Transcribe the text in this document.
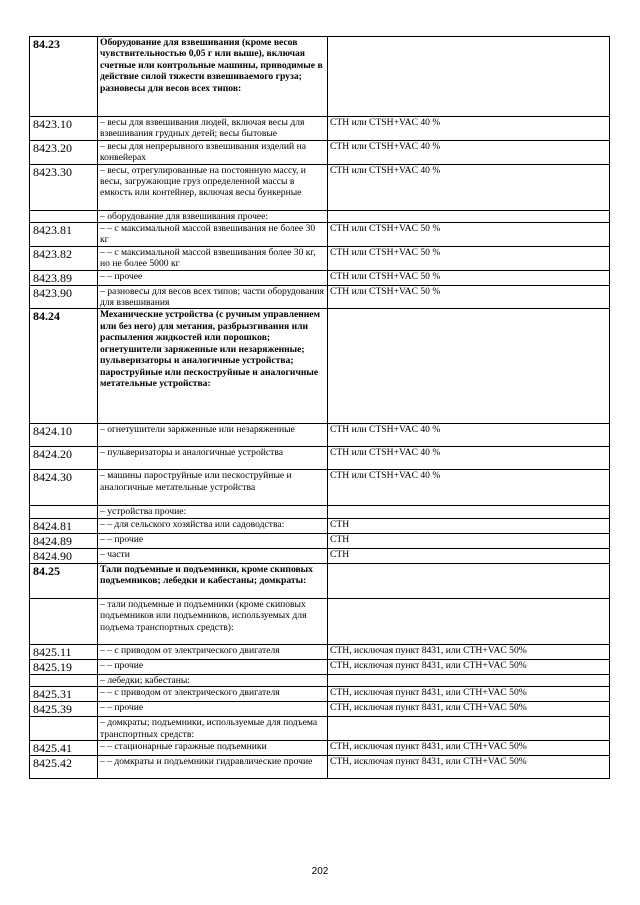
84.23	Оборудование для взвешивания (кроме весов чувствительностью 0,05 г или выше), включая счетные или контрольные машины, приводимые в действие силой тяжести взвешиваемого груза; разновесы для весов всех типов:	
8423.10	– весы для взвешивания людей, включая весы для взвешивания грудных детей; весы бытовые	СТН или CTSH+VAC 40 %
8423.20	– весы для непрерывного взвешивания изделий на конвейерах	СТН или CTSH+VAC 40 %
8423.30	– весы, отрегулированные на постоянную массу, и весы, загружающие груз определенной массы в емкость или контейнер, включая весы бункерные	СТН или CTSH+VAC 40 %
	– оборудование для взвешивания прочее:	
8423.81	– – с максимальной массой взвешивания не более 30 кг	СТН или CTSH+VAC 50 %
8423.82	– – с максимальной массой взвешивания более 30 кг, но не более 5000 кг	СТН или CTSH+VAC 50 %
8423.89	– – прочее	СТН или CTSH+VAC 50 %
8423.90	– разновесы для весов всех типов; части оборудования для взвешивания	СТН или CTSH+VAC 50 %
84.24	Механические устройства (с ручным управлением или без него) для метания, разбрызгивания или распыления жидкостей или порошков; огнетушители заряженные или незаряженные; пульверизаторы и аналогичные устройства; пароструйные или пескоструйные и аналогичные метательные устройства:	
8424.10	– огнетушители заряженные или незаряженные	СТН или CTSH+VAC 40 %
8424.20	– пульверизаторы и аналогичные устройства	СТН или CTSH+VAC 40 %
8424.30	– машины пароструйные или пескоструйные и аналогичные метательные устройства	СТН или CTSH+VAC 40 %
	– устройства прочие:	
8424.81	– – для сельского хозяйства или садоводства:	СТН
8424.89	– – прочие	СТН
8424.90	– части	СТН
84.25	Тали подъемные и подъемники, кроме скиповых подъемников; лебедки и кабестаны; домкраты:	
	– тали подъемные и подъемники (кроме скиповых подъемников или подъемников, используемых для подъема транспортных средств):	
8425.11	– – с приводом от электрического двигателя	СТН, исключая пункт 8431, или СТН+VAC 50%
8425.19	– – прочие	СТН, исключая пункт 8431, или СТН+VAC 50%
	– лебедки; кабестаны:	
8425.31	– – с приводом от электрического двигателя	СТН, исключая пункт 8431, или СТН+VAC 50%
8425.39	– – прочие	СТН, исключая пункт 8431, или СТН+VAC 50%
	– домкраты; подъемники, используемые для подъема транспортных средств:	
8425.41	– – стационарные гаражные подъемники	СТН, исключая пункт 8431, или СТН+VAC 50%
8425.42	– – домкраты и подъемники гидравлические прочие	СТН, исключая пункт 8431, или СТН+VAC 50%
202
